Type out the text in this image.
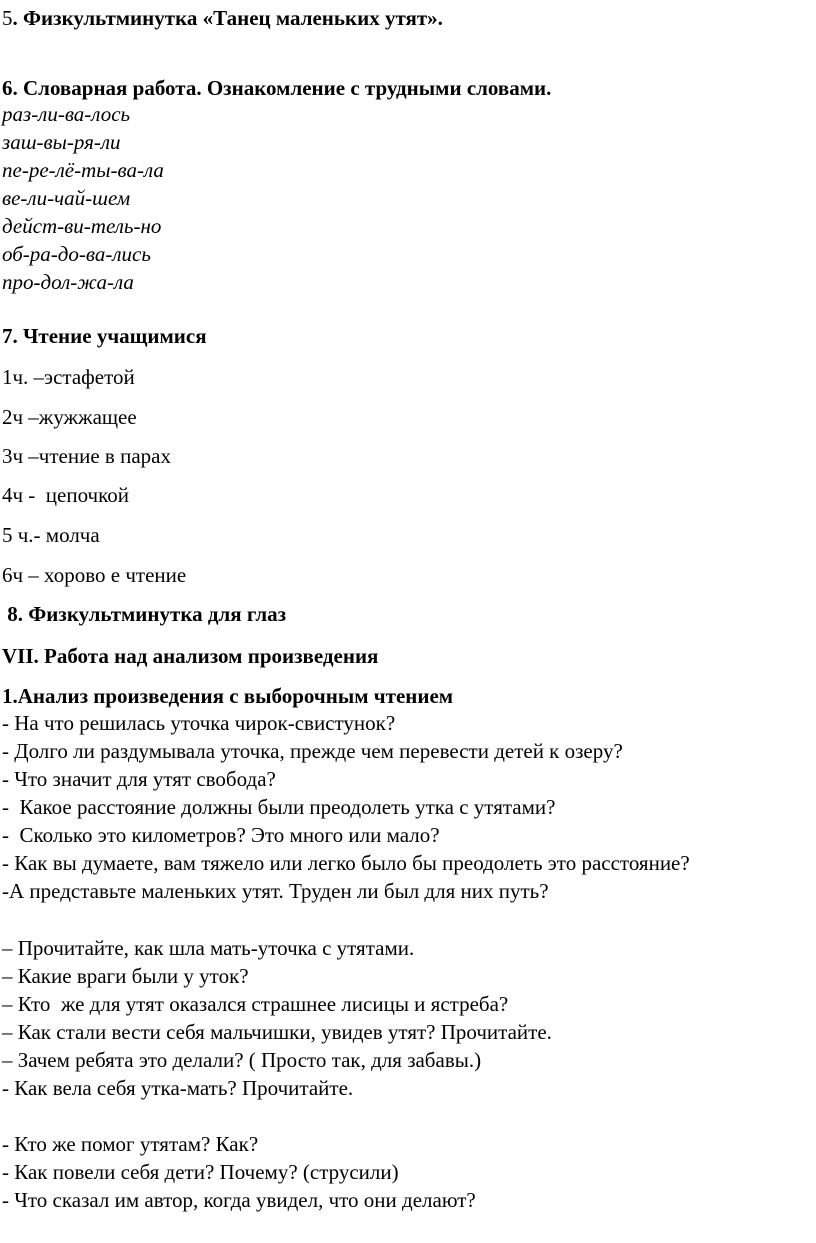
5. Физкультминутка «Танец маленьких утят».

6. Словарная работа. Ознакомление с трудными словами.

раз-ли-ва-лось

заш-вы-ря-ли

пе-ре-лё-ты-ва-ла

ве-ли-чай-шем

дейст-ви-тель-но

об-ра-до-ва-лись

про-дол-жа-ла

7. Чтение учащимися

1ч. –эстафетой

2ч –жужжащее

3ч –чтение в парах

4ч -  цепочкой

5 ч.- молча

6ч – хорово е чтение

8. Физкультминутка для глаз

VII. Работа над анализом произведения

1.Анализ произведения с выборочным чтением

- На что решилась уточка чирок-свистунок?

- Долго ли раздумывала уточка, прежде чем перевести детей к озеру?

- Что значит для утят свобода?

-  Какое расстояние должны были преодолеть утка с утятами?

-  Сколько это километров? Это много или мало?

- Как вы думаете, вам тяжело или легко было бы преодолеть это расстояние?

-А представьте маленьких утят. Труден ли был для них путь?

– Прочитайте, как шла мать-уточка с утятами.

– Какие враги были у уток?

– Кто  же для утят оказался страшнее лисицы и ястреба?

– Как стали вести себя мальчишки, увидев утят? Прочитайте.

– Зачем ребята это делали? ( Просто так, для забавы.)

- Как вела себя утка-мать? Прочитайте.

- Кто же помог утятам? Как?

- Как повели себя дети? Почему? (струсили)

- Что сказал им автор, когда увидел, что они делают?
